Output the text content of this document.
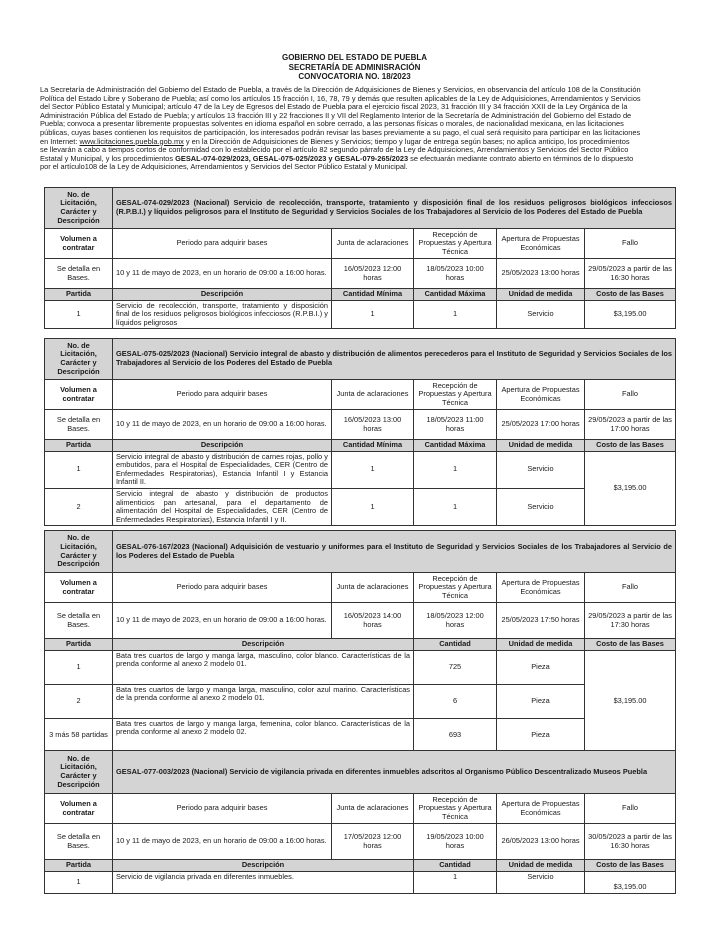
GOBIERNO DEL ESTADO DE PUEBLA
SECRETARÍA DE ADMINISRACIÓN
CONVOCATORIA NO. 18/2023
La Secretaría de Administración del Gobierno del Estado de Puebla, a través de la Dirección de Adquisiciones de Bienes y Servicios, en observancia del artículo 108 de la Constitución
Política del Estado Libre y Soberano de Puebla; así como los artículos 15 fracción I, 16, 78, 79 y demás que resulten aplicables de la Ley de Adquisiciones, Arrendamientos y Servicios
del Sector Público Estatal y Municipal; artículo 47 de la Ley de Egresos del Estado de Puebla para el ejercicio fiscal 2023, 31 fracción III y 34 fracción XXII de la Ley Orgánica de la
Administración Pública del Estado de Puebla; y artículos 13 fracción III y 22 fracciones II y VII del Reglamento Interior de la Secretaría de Administración del Gobierno del Estado de
Puebla; convoca a presentar libremente propuestas solventes en idioma español en sobre cerrado, a las personas físicas o morales, de nacionalidad mexicana, en las licitaciones
públicas, cuyas bases contienen los requisitos de participación, los interesados podrán revisar las bases previamente a su pago, el cual será requisito para participar en las licitaciones
en Internet: www.licitaciones.puebla.gob.mx y en la Dirección de Adquisiciones de Bienes y Servicios; tiempo y lugar de entrega según bases; no aplica anticipo, los procedimientos
se llevarán a cabo a tiempos cortos de conformidad con lo establecido por el artículo 82 segundo párrafo de la Ley de Adquisiciones, Arrendamientos y Servicios del Sector Público
Estatal y Municipal, y los procedimientos GESAL-074-029/2023, GESAL-075-025/2023 y GESAL-079-265/2023 se efectuarán mediante contrato abierto en términos de lo dispuesto
por el artículo108 de la Ley de Adquisiciones, Arrendamientos y Servicios del Sector Público Estatal y Municipal.
No. de Licitación, Carácter y Descripción	GESAL-074-029/2023 (Nacional) Servicio de recolección, transporte, tratamiento y disposición final de los residuos peligrosos biológicos infecciosos (R.P.B.I.) y líquidos peligrosos para el Instituto de Seguridad y Servicios Sociales de los Trabajadores al Servicio de los Poderes del Estado de Puebla				
Volumen a contratar	Periodo para adquirir bases	Junta de aclaraciones	Recepción de Propuestas y Apertura Técnica	Apertura de Propuestas Económicas	Fallo
Se detalla en Bases.	10 y 11 de mayo de 2023, en un horario de 09:00 a 16:00 horas.	16/05/2023 12:00 horas	18/05/2023 10:00 horas	25/05/2023 13:00 horas	29/05/2023 a partir de las 16:30 horas
Partida	Descripción	Cantidad Mínima	Cantidad Máxima	Unidad de medida	Costo de las Bases
1	Servicio de recolección, transporte, tratamiento y disposición final de los residuos peligrosos biológicos infecciosos (R.P.B.I.) y líquidos peligrosos	1	1	Servicio	$3,195.00
No. de Licitación, Carácter y Descripción	GESAL-075-025/2023 (Nacional) Servicio integral de abasto y distribución de alimentos perecederos para el Instituto de Seguridad y Servicios Sociales de los Trabajadores al Servicio de los Poderes del Estado de Puebla				
Volumen a contratar	Periodo para adquirir bases	Junta de aclaraciones	Recepción de Propuestas y Apertura Técnica	Apertura de Propuestas Económicas	Fallo
Se detalla en Bases.	10 y 11 de mayo de 2023, en un horario de 09:00 a 16:00 horas.	16/05/2023 13:00 horas	18/05/2023 11:00 horas	25/05/2023 17:00 horas	29/05/2023 a partir de las 17:00 horas
Partida	Descripción	Cantidad Mínima	Cantidad Máxima	Unidad de medida	Costo de las Bases
1	Servicio integral de abasto y distribución de carnes rojas, pollo y embutidos, para el Hospital de Especialidades, CER (Centro de Enfermedades Respiratorias), Estancia Infantil I y Estancia Infantil II.	1	1	Servicio	$3,195.00
2	Servicio integral de abasto y distribución de productos alimenticios pan artesanal, para el departamento de alimentación del Hospital de Especialidades, CER (Centro de Enfermedades Respiratorias), Estancia Infantil I y II.	1	1	Servicio	
No. de Licitación, Carácter y Descripción	GESAL-076-167/2023 (Nacional) Adquisición de vestuario y uniformes para el Instituto de Seguridad y Servicios Sociales de los Trabajadores al Servicio de los Poderes del Estado de Puebla				
Volumen a contratar	Periodo para adquirir bases	Junta de aclaraciones	Recepción de Propuestas y Apertura Técnica	Apertura de Propuestas Económicas	Fallo
Se detalla en Bases.	10 y 11 de mayo de 2023, en un horario de 09:00 a 16:00 horas.	16/05/2023 14:00 horas	18/05/2023 12:00 horas	25/05/2023 17:50 horas	29/05/2023 a partir de las 17:30 horas
Partida	Descripción		Cantidad	Unidad de medida	Costo de las Bases
1	Bata tres cuartos de largo y manga larga, masculino, color blanco. Características de la prenda conforme al anexo 2 modelo 01.		725	Pieza	$3,195.00
2	Bata tres cuartos de largo y manga larga, masculino, color azul marino. Características de la prenda conforme al anexo 2 modelo 01.		6	Pieza	
3 más 58 partidas	Bata tres cuartos de largo y manga larga, femenina, color blanco. Características de la prenda conforme al anexo 2 modelo 02.		693	Pieza	
No. de Licitación, Carácter y Descripción	GESAL-077-003/2023 (Nacional) Servicio de vigilancia privada en diferentes inmuebles adscritos al Organismo Público Descentralizado Museos Puebla				
Volumen a contratar	Periodo para adquirir bases	Junta de aclaraciones	Recepción de Propuestas y Apertura Técnica	Apertura de Propuestas Económicas	Fallo
Se detalla en Bases.	10 y 11 de mayo de 2023, en un horario de 09:00 a 16:00 horas.	17/05/2023 12:00 horas	19/05/2023 10:00 horas	26/05/2023 13:00 horas	30/05/2023 a partir de las 16:30 horas
Partida	Descripción		Cantidad	Unidad de medida	Costo de las Bases
1	Servicio de vigilancia privada en diferentes inmuebles.		1	Servicio	$3,195.00
